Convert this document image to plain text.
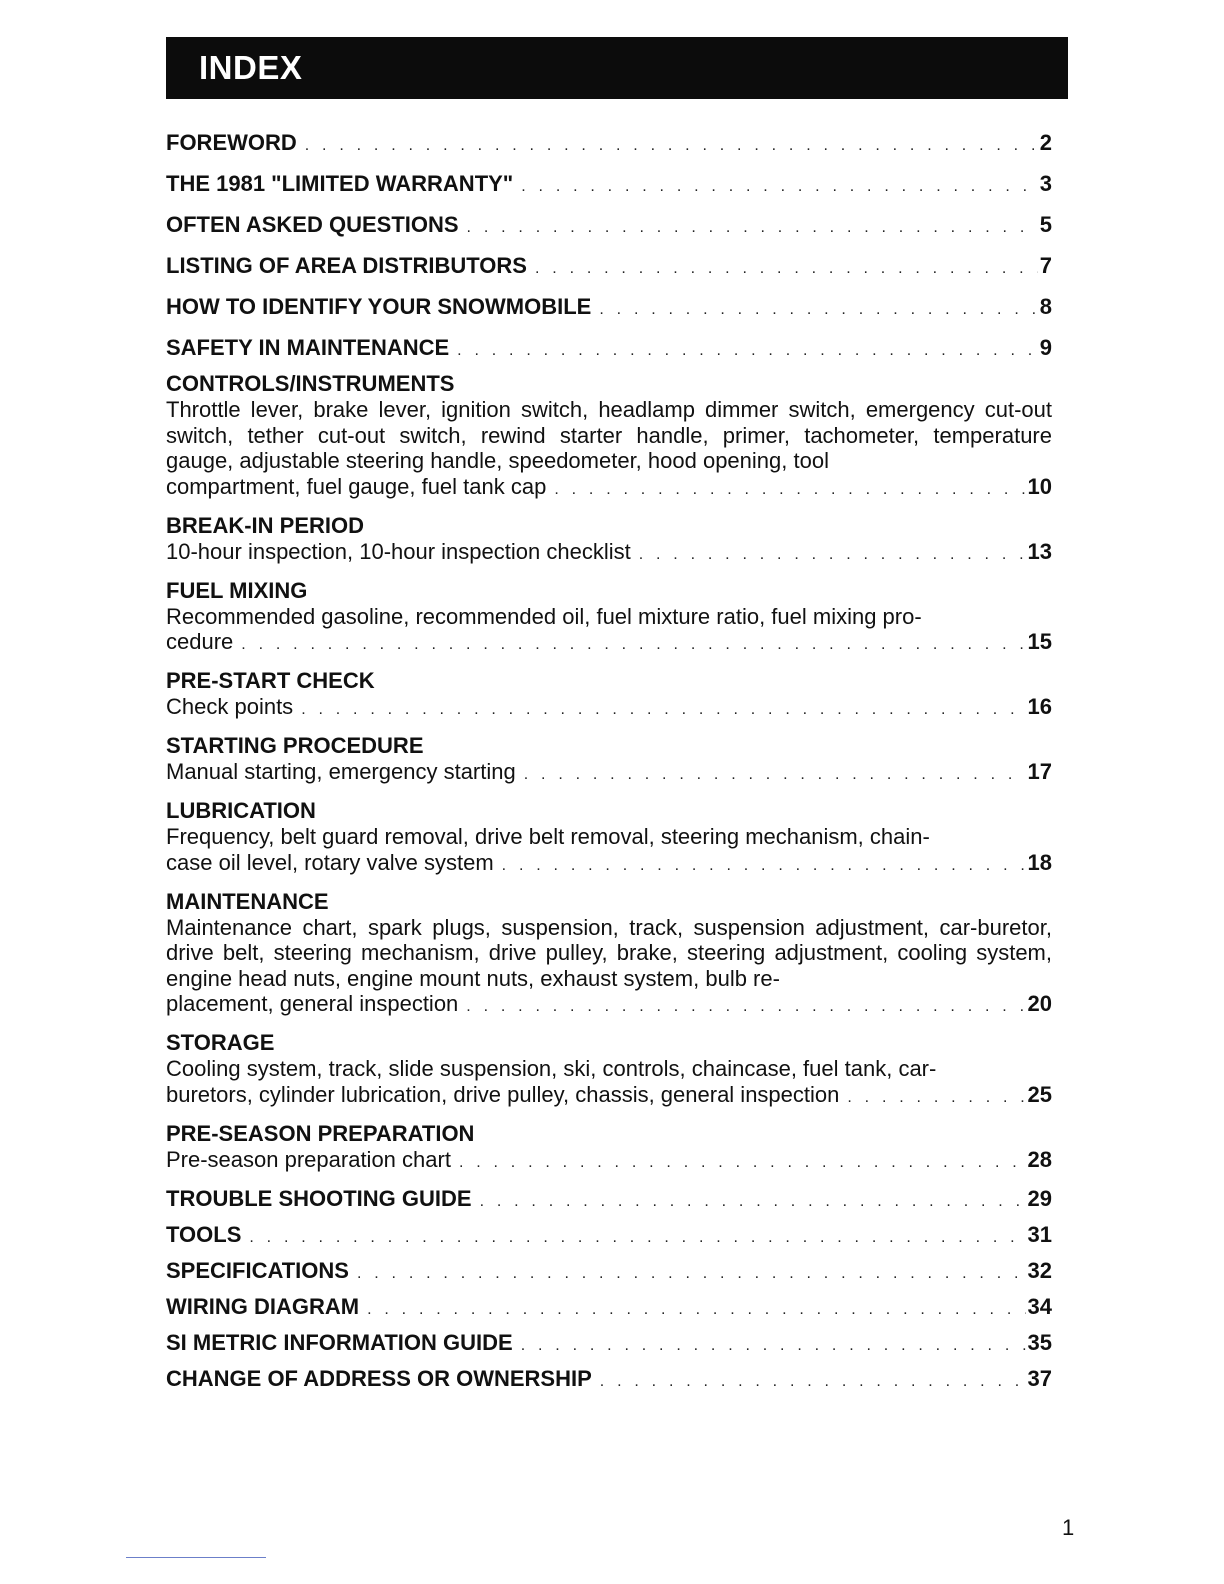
INDEX
FOREWORD . . .	2
THE 1981 "LIMITED WARRANTY" . . .	3
OFTEN ASKED QUESTIONS . . .	5
LISTING OF AREA DISTRIBUTORS . . .	7
HOW TO IDENTIFY YOUR SNOWMOBILE . . .	8
SAFETY IN MAINTENANCE . . .	9

CONTROLS/INSTRUMENTS

Throttle lever, brake lever, ignition switch, headlamp dimmer switch, emergency cut-out switch, tether cut-out switch, rewind starter handle, primer, tachometer, temperature gauge, adjustable steering handle, speedometer, hood opening, tool

compartment, fuel gauge, fuel tank cap . . .	10

BREAK-IN PERIOD

10-hour inspection, 10-hour inspection checklist . . .	13

FUEL MIXING

Recommended gasoline, recommended oil, fuel mixture ratio, fuel mixing pro-

cedure . . .	15

PRE-START CHECK

Check points . . .	16

STARTING PROCEDURE

Manual starting, emergency starting . . .	17

LUBRICATION

Frequency, belt guard removal, drive belt removal, steering mechanism, chain-

case oil level, rotary valve system . . .	18

MAINTENANCE

Maintenance chart, spark plugs, suspension, track, suspension adjustment, car-buretor, drive belt, steering mechanism, drive pulley, brake, steering adjustment, cooling system, engine head nuts, engine mount nuts, exhaust system, bulb re-

placement, general inspection . . .	20

STORAGE

Cooling system, track, slide suspension, ski, controls, chaincase, fuel tank, car-

buretors, cylinder lubrication, drive pulley, chassis, general inspection . . .	25

PRE-SEASON PREPARATION

Pre-season preparation chart . . .	28
TROUBLE SHOOTING GUIDE . . .	29
TOOLS . . .	31
SPECIFICATIONS . . .	32
WIRING DIAGRAM . . .	34
SI METRIC INFORMATION GUIDE . . .	35
CHANGE OF ADDRESS OR OWNERSHIP . . .	37
1
